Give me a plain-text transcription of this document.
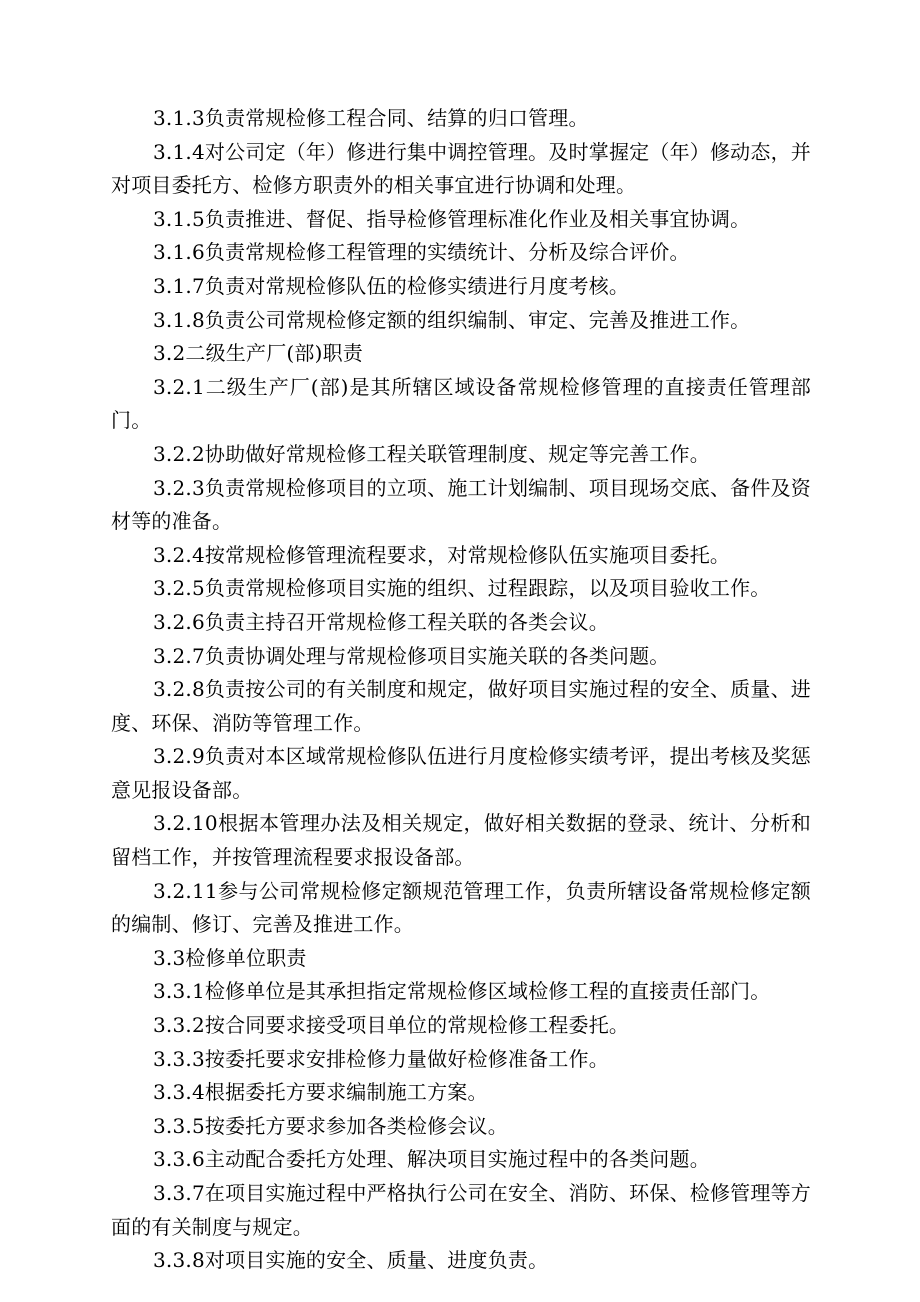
3.1.3负责常规检修工程合同、结算的归口管理。

3.1.4对公司定（年）修进行集中调控管理。及时掌握定（年）修动态，并对项目委托方、检修方职责外的相关事宜进行协调和处理。

3.1.5负责推进、督促、指导检修管理标准化作业及相关事宜协调。

3.1.6负责常规检修工程管理的实绩统计、分析及综合评价。

3.1.7负责对常规检修队伍的检修实绩进行月度考核。

3.1.8负责公司常规检修定额的组织编制、审定、完善及推进工作。

3.2二级生产厂(部)职责

3.2.1二级生产厂(部)是其所辖区域设备常规检修管理的直接责任管理部门。

3.2.2协助做好常规检修工程关联管理制度、规定等完善工作。

3.2.3负责常规检修项目的立项、施工计划编制、项目现场交底、备件及资材等的准备。

3.2.4按常规检修管理流程要求，对常规检修队伍实施项目委托。

3.2.5负责常规检修项目实施的组织、过程跟踪，以及项目验收工作。

3.2.6负责主持召开常规检修工程关联的各类会议。

3.2.7负责协调处理与常规检修项目实施关联的各类问题。

3.2.8负责按公司的有关制度和规定，做好项目实施过程的安全、质量、进度、环保、消防等管理工作。

3.2.9负责对本区域常规检修队伍进行月度检修实绩考评，提出考核及奖惩意见报设备部。

3.2.10根据本管理办法及相关规定，做好相关数据的登录、统计、分析和留档工作，并按管理流程要求报设备部。

3.2.11参与公司常规检修定额规范管理工作，负责所辖设备常规检修定额的编制、修订、完善及推进工作。

3.3检修单位职责

3.3.1检修单位是其承担指定常规检修区域检修工程的直接责任部门。

3.3.2按合同要求接受项目单位的常规检修工程委托。

3.3.3按委托要求安排检修力量做好检修准备工作。

3.3.4根据委托方要求编制施工方案。

3.3.5按委托方要求参加各类检修会议。

3.3.6主动配合委托方处理、解决项目实施过程中的各类问题。

3.3.7在项目实施过程中严格执行公司在安全、消防、环保、检修管理等方面的有关制度与规定。

3.3.8对项目实施的安全、质量、进度负责。
